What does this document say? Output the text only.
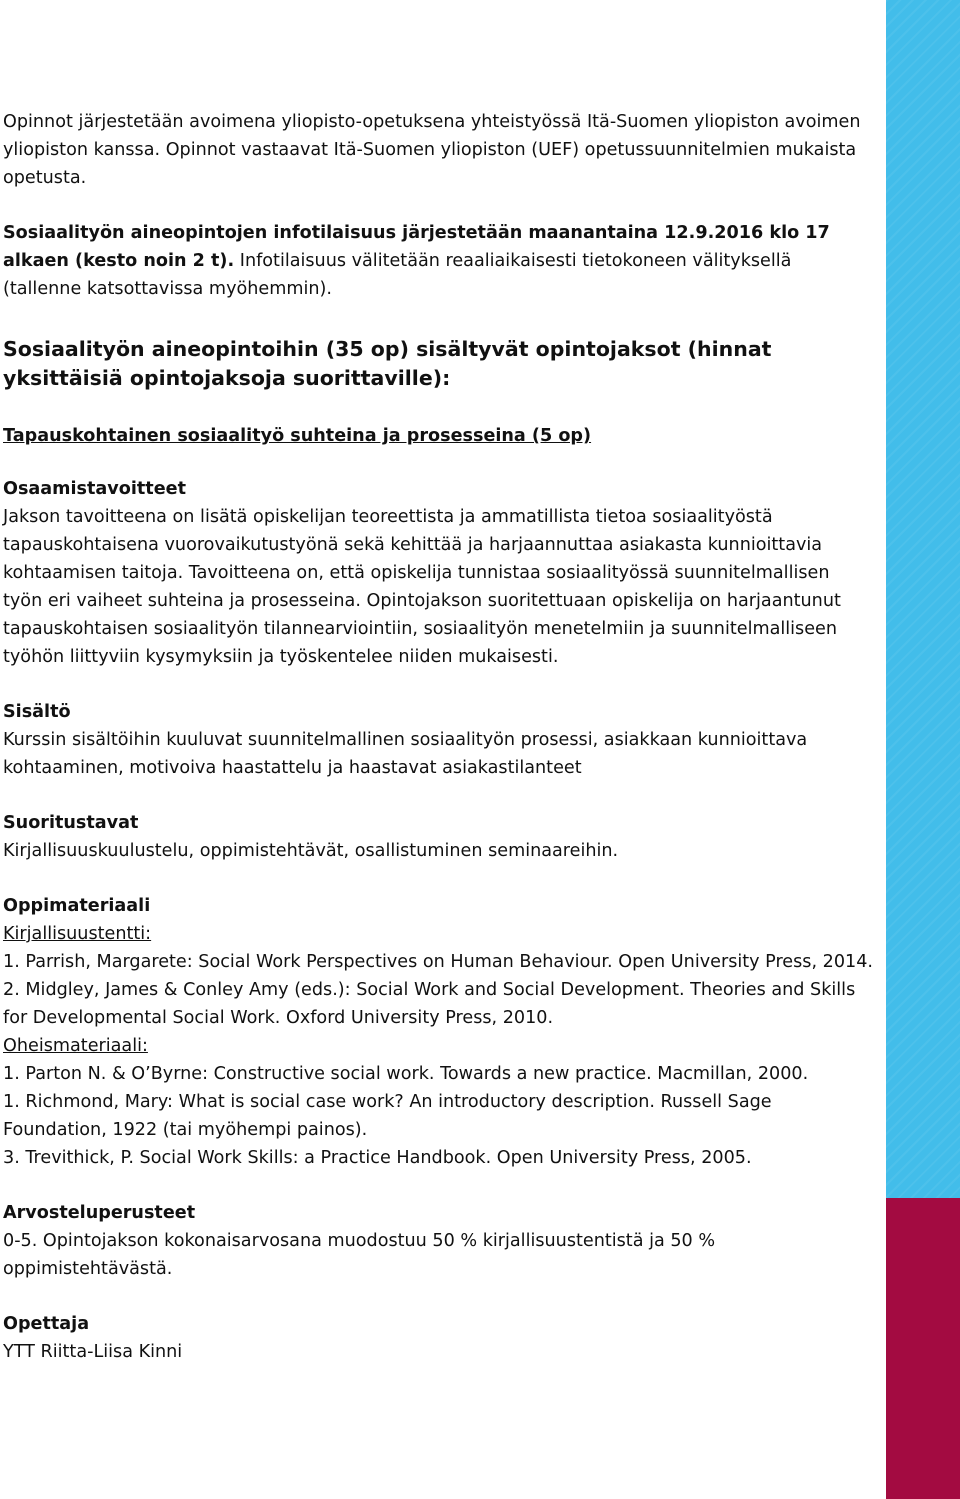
Opinnot järjestetään avoimena yliopisto-opetuksena yhteistyössä Itä-Suomen yliopiston avoimen yliopiston kanssa. Opinnot vastaavat Itä-Suomen yliopiston (UEF) opetussuunnitelmien mukaista opetusta.

Sosiaalityön aineopintojen infotilaisuus järjestetään maanantaina 12.9.2016 klo 17 alkaen (kesto noin 2 t). Infotilaisuus välitetään reaaliaikaisesti tietokoneen välityksellä (tallenne katsottavissa myöhemmin).

Sosiaalityön aineopintoihin (35 op) sisältyvät opintojaksot (hinnat yksittäisiä opintojaksoja suorittaville):

Tapauskohtainen sosiaalityö suhteina ja prosesseina (5 op)

Osaamistavoitteet

Jakson tavoitteena on lisätä opiskelijan teoreettista ja ammatillista tietoa sosiaalityöstä tapauskohtaisena vuorovaikutustyönä sekä kehittää ja harjaannuttaa asiakasta kunnioittavia kohtaamisen taitoja. Tavoitteena on, että opiskelija tunnistaa sosiaalityössä suunnitelmallisen työn eri vaiheet suhteina ja prosesseina. Opintojakson suoritettuaan opiskelija on harjaantunut tapauskohtaisen sosiaalityön tilannearviointiin, sosiaalityön menetelmiin ja suunnitelmalliseen työhön liittyviin kysymyksiin ja työskentelee niiden mukaisesti.

Sisältö

Kurssin sisältöihin kuuluvat suunnitelmallinen sosiaalityön prosessi, asiakkaan kunnioittava kohtaaminen, motivoiva haastattelu ja haastavat asiakastilanteet

Suoritustavat

Kirjallisuuskuulustelu, oppimistehtävät, osallistuminen seminaareihin.

Oppimateriaali

Kirjallisuustentti:

1. Parrish, Margarete: Social Work Perspectives on Human Behaviour. Open University Press, 2014.

2. Midgley, James & Conley Amy (eds.): Social Work and Social Development. Theories and Skills for Developmental Social Work. Oxford University Press, 2010.

Oheismateriaali:

1. Parton N. & O’Byrne: Constructive social work. Towards a new practice. Macmillan, 2000.

1. Richmond, Mary: What is social case work? An introductory description. Russell Sage Foundation, 1922 (tai myöhempi painos).

3. Trevithick, P. Social Work Skills: a Practice Handbook. Open University Press, 2005.

Arvosteluperusteet

0-5. Opintojakson kokonaisarvosana muodostuu 50 % kirjallisuustentistä ja 50 % oppimistehtävästä.

Opettaja

YTT Riitta-Liisa Kinni
